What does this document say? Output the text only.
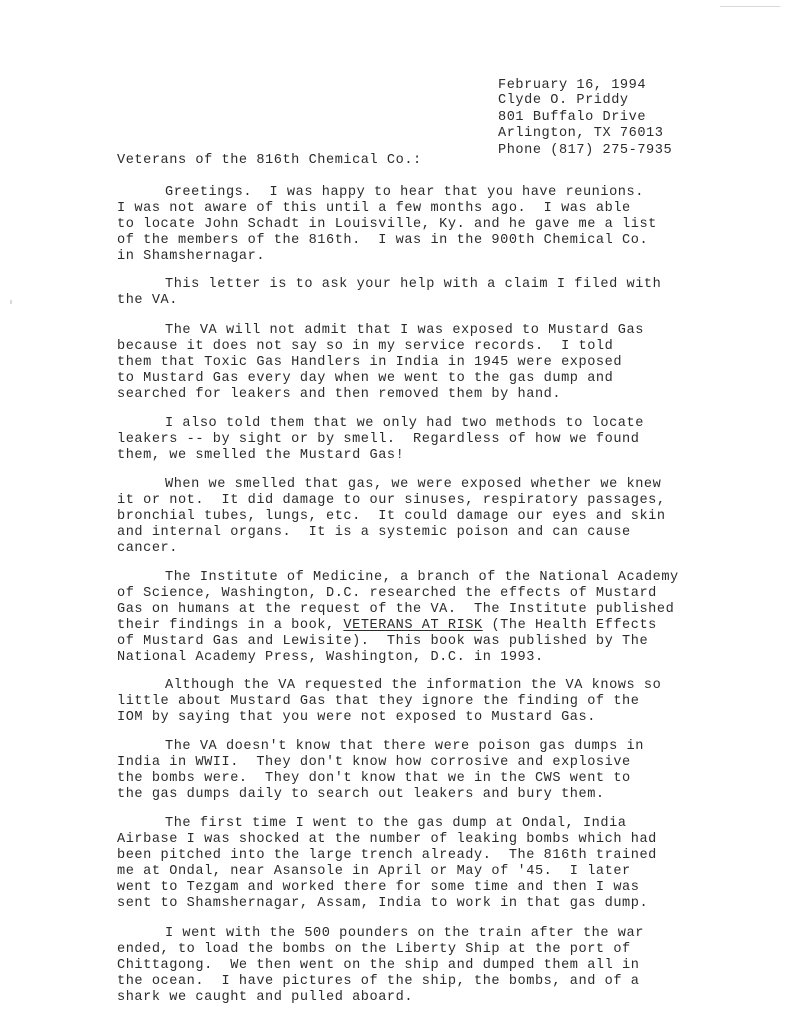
February 16, 1994
Clyde O. Priddy
801 Buffalo Drive
Arlington, TX 76013
Phone (817) 275-7935
Veterans of the 816th Chemical Co.:
Greetings.  I was happy to hear that you have reunions.
I was not aware of this until a few months ago.  I was able
to locate John Schadt in Louisville, Ky. and he gave me a list
of the members of the 816th.  I was in the 900th Chemical Co.
in Shamshernagar.
This letter is to ask your help with a claim I filed with
the VA.
The VA will not admit that I was exposed to Mustard Gas
because it does not say so in my service records.  I told
them that Toxic Gas Handlers in India in 1945 were exposed
to Mustard Gas every day when we went to the gas dump and
searched for leakers and then removed them by hand.
I also told them that we only had two methods to locate
leakers -- by sight or by smell.  Regardless of how we found
them, we smelled the Mustard Gas!
When we smelled that gas, we were exposed whether we knew
it or not.  It did damage to our sinuses, respiratory passages,
bronchial tubes, lungs, etc.  It could damage our eyes and skin
and internal organs.  It is a systemic poison and can cause
cancer.
The Institute of Medicine, a branch of the National Academy
of Science, Washington, D.C. researched the effects of Mustard
Gas on humans at the request of the VA.  The Institute published
their findings in a book, VETERANS AT RISK (The Health Effects
of Mustard Gas and Lewisite).  This book was published by The
National Academy Press, Washington, D.C. in 1993.
Although the VA requested the information the VA knows so
little about Mustard Gas that they ignore the finding of the
IOM by saying that you were not exposed to Mustard Gas.
The VA doesn't know that there were poison gas dumps in
India in WWII.  They don't know how corrosive and explosive
the bombs were.  They don't know that we in the CWS went to
the gas dumps daily to search out leakers and bury them.
The first time I went to the gas dump at Ondal, India
Airbase I was shocked at the number of leaking bombs which had
been pitched into the large trench already.  The 816th trained
me at Ondal, near Asansole in April or May of '45.  I later
went to Tezgam and worked there for some time and then I was
sent to Shamshernagar, Assam, India to work in that gas dump.
I went with the 500 pounders on the train after the war
ended, to load the bombs on the Liberty Ship at the port of
Chittagong.  We then went on the ship and dumped them all in
the ocean.  I have pictures of the ship, the bombs, and of a
shark we caught and pulled aboard.
